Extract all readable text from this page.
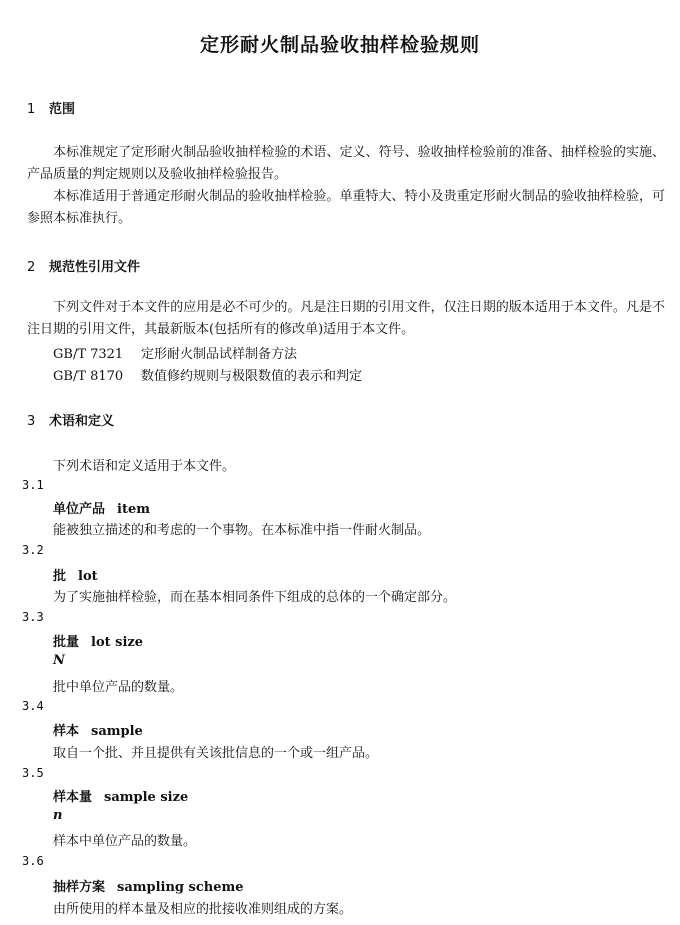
定形耐火制品验收抽样检验规则
1 范围

本标准规定了定形耐火制品验收抽样检验的术语、定义、符号、验收抽样检验前的准备、抽样检验的实施、产品质量的判定规则以及验收抽样检验报告。

本标准适用于普通定形耐火制品的验收抽样检验。单重特大、特小及贵重定形耐火制品的验收抽样检验，可参照本标准执行。

2 规范性引用文件

下列文件对于本文件的应用是必不可少的。凡是注日期的引用文件，仅注日期的版本适用于本文件。凡是不注日期的引用文件，其最新版本(包括所有的修改单)适用于本文件。

GB/T 7321 定形耐火制品试样制备方法
GB/T 8170 数值修约规则与极限数值的表示和判定
3 术语和定义
下列术语和定义适用于本文件。
3.1
单位产品 item
能被独立描述的和考虑的一个事物。在本标准中指一件耐火制品。
3.2
批 lot
为了实施抽样检验，而在基本相同条件下组成的总体的一个确定部分。
3.3
批量 lot size
N
批中单位产品的数量。
3.4
样本 sample
取自一个批、并且提供有关该批信息的一个或一组产品。
3.5
样本量 sample size
n
样本中单位产品的数量。
3.6
抽样方案 sampling scheme
由所使用的样本量及相应的批接收准则组成的方案。
